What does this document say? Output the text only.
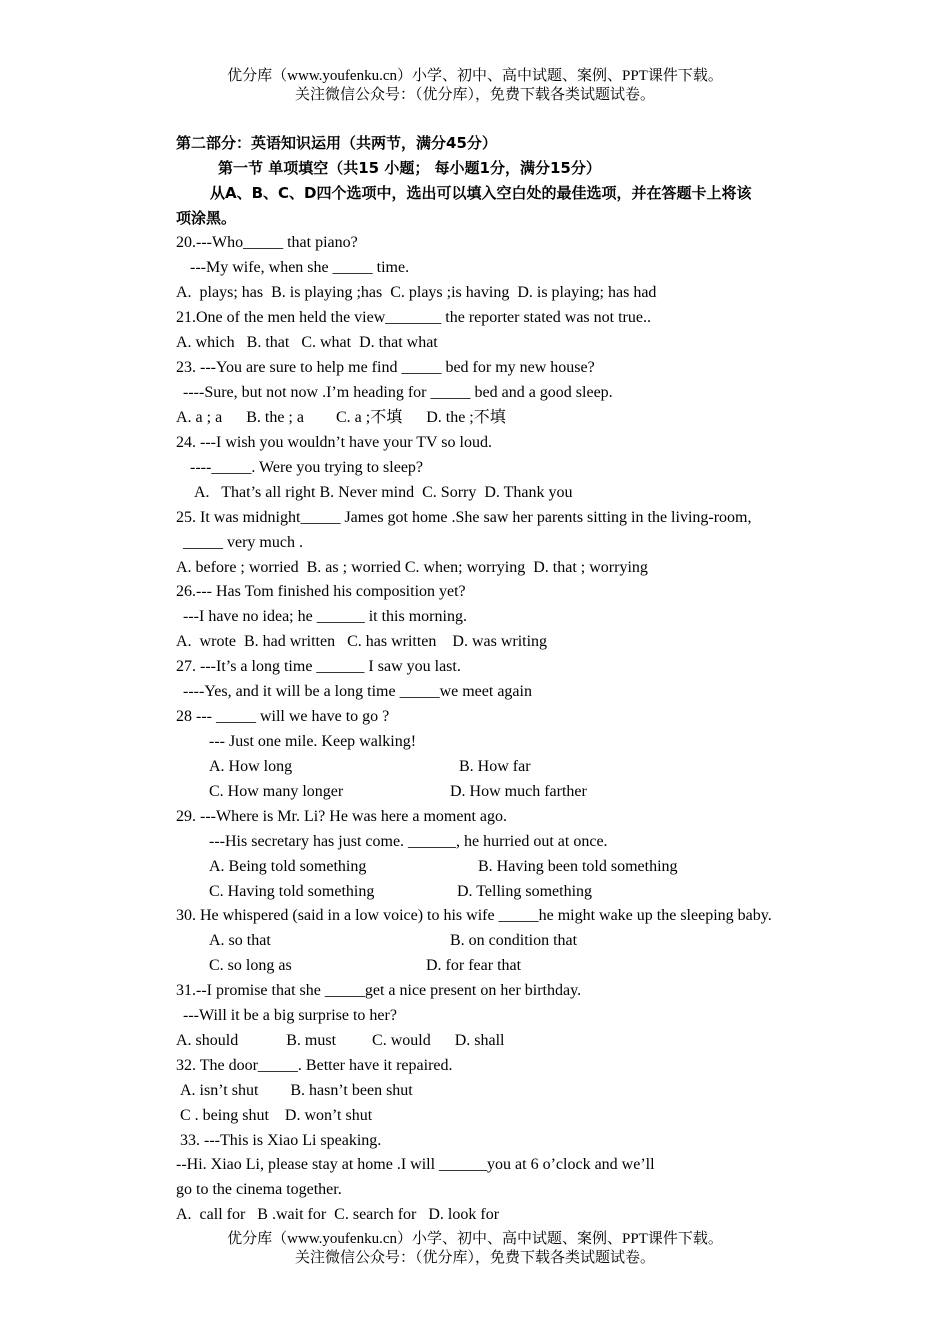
优分库（www.youfenku.cn）小学、初中、高中试题、案例、PPT课件下载。
关注微信公众号：（优分库），免费下载各类试题试卷。
第二部分：英语知识运用（共两节，满分45分）
第一节 单项填空（共15 小题； 每小题1分，满分15分）
从A、B、C、D四个选项中，选出可以填入空白处的最佳选项，并在答题卡上将该
项涂黑。
20.---Who_____ that piano?
---My wife, when she _____ time.
A.  plays; has  B. is playing ;has  C. plays ;is having  D. is playing; has had
21.One of the men held the view_______ the reporter stated was not true..
A. which   B. that   C. what  D. that what
23. ---You are sure to help me find _____ bed for my new house?
----Sure, but not now .I’m heading for _____ bed and a good sleep.
A. a ; a      B. the ; a        C. a ;不填      D. the ;不填
24. ---I wish you wouldn’t have your TV so loud.
----_____. Were you trying to sleep?
A.   That’s all right B. Never mind  C. Sorry  D. Thank you
25. It was midnight_____ James got home .She saw her parents sitting in the living-room,
_____ very much .
A. before ; worried  B. as ; worried C. when; worrying  D. that ; worrying
26.--- Has Tom finished his composition yet?
---I have no idea; he ______ it this morning.
A.  wrote  B. had written   C. has written    D. was writing
27. ---It’s a long time ______ I saw you last.
----Yes, and it will be a long time _____we meet again
28 --- _____ will we have to go ?
--- Just one mile. Keep walking!
A. How long	B. How far
C. How many longer	D. How much farther
29. ---Where is Mr. Li? He was here a moment ago.
---His secretary has just come. ______, he hurried out at once.
A. Being told something	B. Having been told something
C. Having told something	D. Telling something
30. He whispered (said in a low voice) to his wife _____he might wake up the sleeping baby.
A. so that	B. on condition that
C. so long as	D. for fear that
31.--I promise that she _____get a nice present on her birthday.
---Will it be a big surprise to her?
A. should            B. must         C. would      D. shall
32. The door_____. Better have it repaired.
A. isn’t shut        B. hasn’t been shut
C . being shut    D. won’t shut
33. ---This is Xiao Li speaking.
--Hi. Xiao Li, please stay at home .I will ______you at 6 o’clock and we’ll
go to the cinema together.
A.  call for   B .wait for  C. search for   D. look for
优分库（www.youfenku.cn）小学、初中、高中试题、案例、PPT课件下载。
关注微信公众号：（优分库），免费下载各类试题试卷。
